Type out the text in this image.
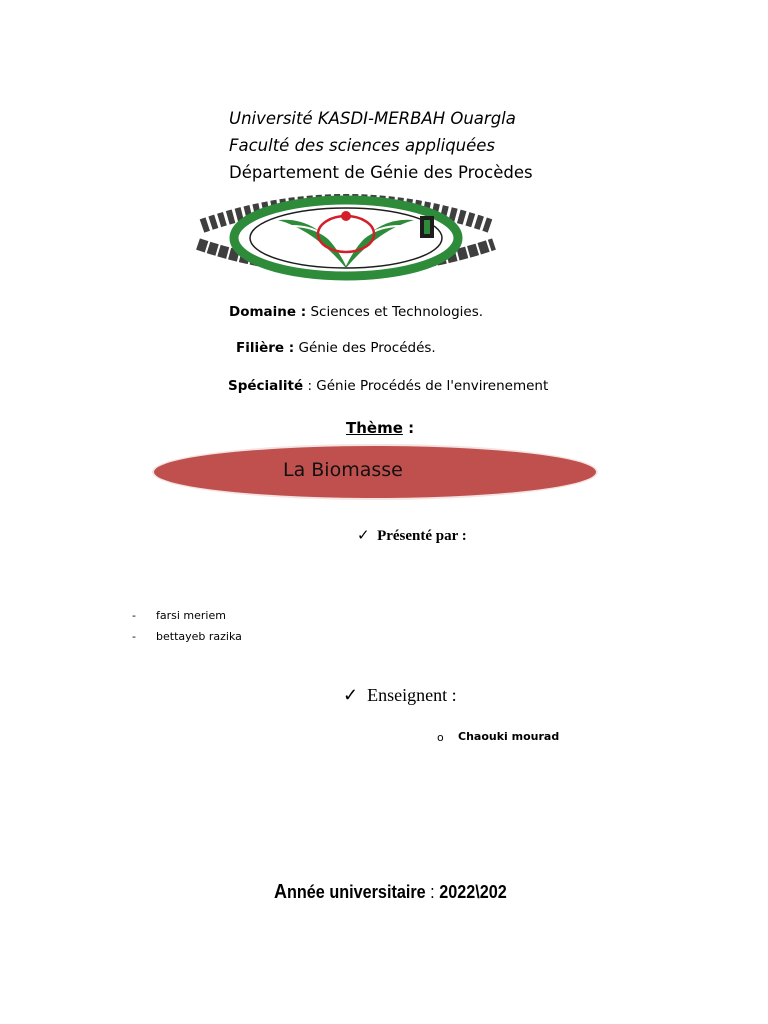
Université KASDI-MERBAH Ouargla
Faculté des sciences appliquées
Département de Génie des Procèdes
Domaine : Sciences et Technologies.
Filière : Génie des Procédés.
Spécialité : Génie Procédés de l'envirenement
Thème :
La Biomasse
✓ Présenté par :
- farsi meriem
- bettayeb razika
✓ Enseignent :
o Chaouki mourad
Année universitaire : 2022\202
